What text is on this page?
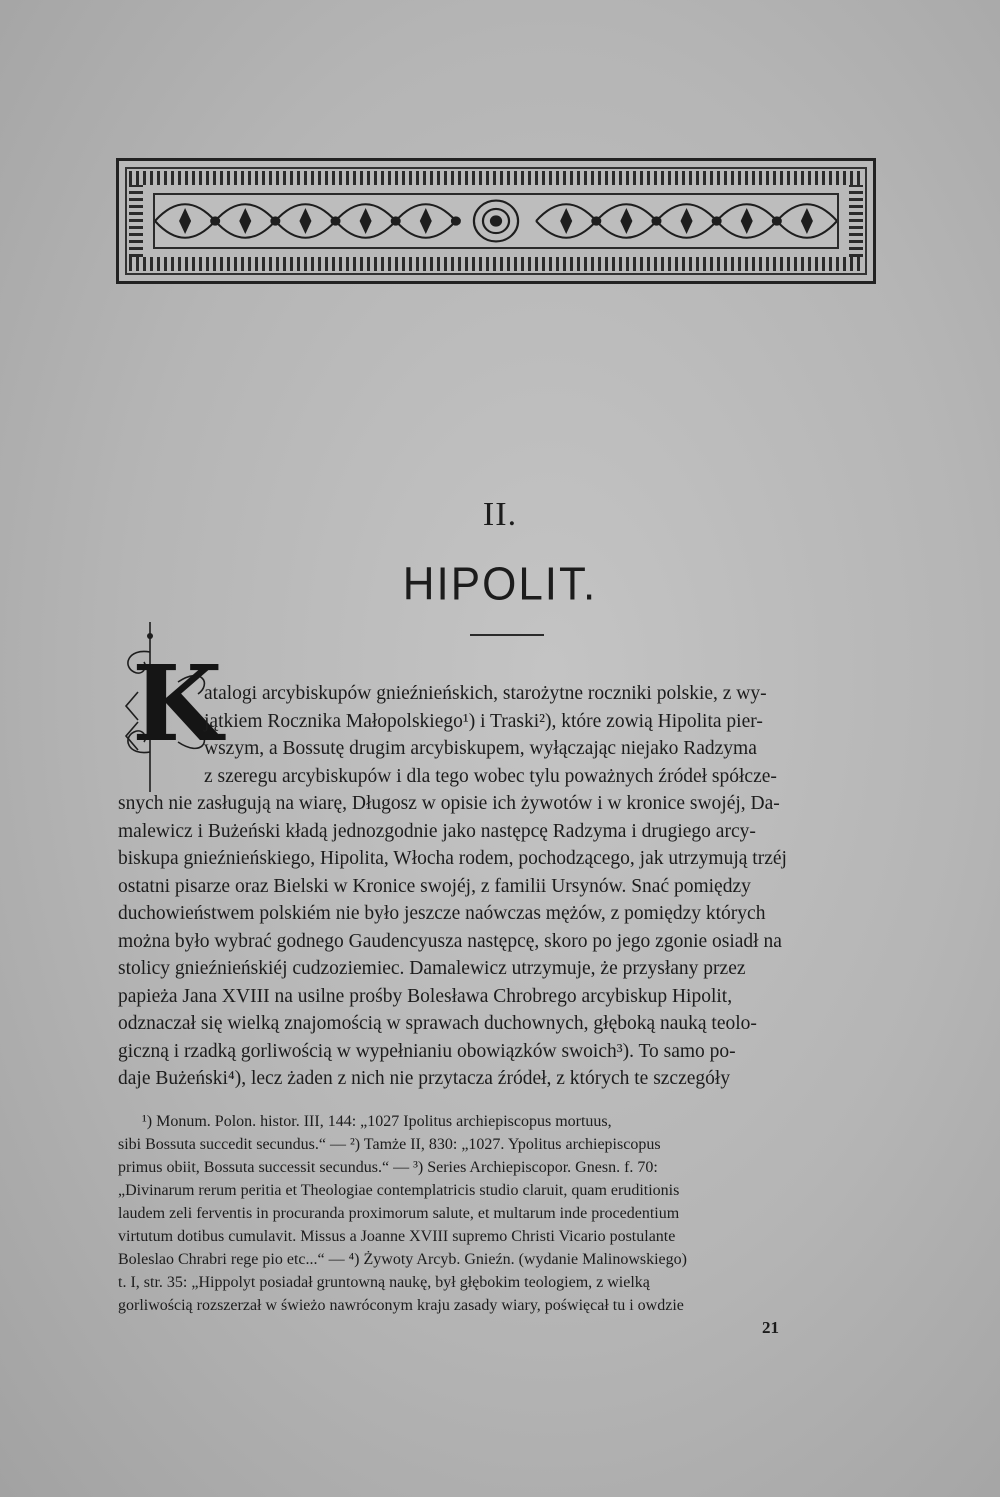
II.
HIPOLIT.
K
atalogi arcybiskupów gnieźnieńskich, starożytne roczniki polskie, z wy-
jątkiem Rocznika Małopolskiego¹) i Traski²), które zowią Hipolita pier-
wszym, a Bossutę drugim arcybiskupem, wyłączając niejako Radzyma
z szeregu arcybiskupów i dla tego wobec tylu poważnych źródeł spółcze-
snych nie zasługują na wiarę, Długosz w opisie ich żywotów i w kronice swojéj, Da-
malewicz i Bużeński kładą jednozgodnie jako następcę Radzyma i drugiego arcy-
biskupa gnieźnieńskiego, Hipolita, Włocha rodem, pochodzącego, jak utrzymują trzéj
ostatni pisarze oraz Bielski w Kronice swojéj, z familii Ursynów. Snać pomiędzy
duchowieństwem polskiém nie było jeszcze naówczas mężów, z pomiędzy których
można było wybrać godnego Gaudencyusza następcę, skoro po jego zgonie osiadł na
stolicy gnieźnieńskiéj cudzoziemiec. Damalewicz utrzymuje, że przysłany przez
papieża Jana XVIII na usilne prośby Bolesława Chrobrego arcybiskup Hipolit,
odznaczał się wielką znajomością w sprawach duchownych, głęboką nauką teolo-
giczną i rzadką gorliwością w wypełnianiu obowiązków swoich³). To samo po-
daje Bużeński⁴), lecz żaden z nich nie przytacza źródeł, z których te szczegóły
¹) Monum. Polon. histor. III, 144: „1027 Ipolitus archiepiscopus mortuus,
sibi Bossuta succedit secundus.“ — ²) Tamże II, 830: „1027. Ypolitus archiepiscopus
primus obiit, Bossuta successit secundus.“ — ³) Series Archiepiscopor. Gnesn. f. 70:
„Divinarum rerum peritia et Theologiae contemplatricis studio claruit, quam eruditionis
laudem zeli ferventis in procuranda proximorum salute, et multarum inde procedentium
virtutum dotibus cumulavit. Missus a Joanne XVIII supremo Christi Vicario postulante
Boleslao Chrabri rege pio etc...“ — ⁴) Żywoty Arcyb. Gnieźn. (wydanie Malinowskiego)
t. I, str. 35: „Hippolyt posiadał gruntowną naukę, był głębokim teologiem, z wielką
gorliwością rozszerzał w świeżo nawróconym kraju zasady wiary, poświęcał tu i owdzie
21
